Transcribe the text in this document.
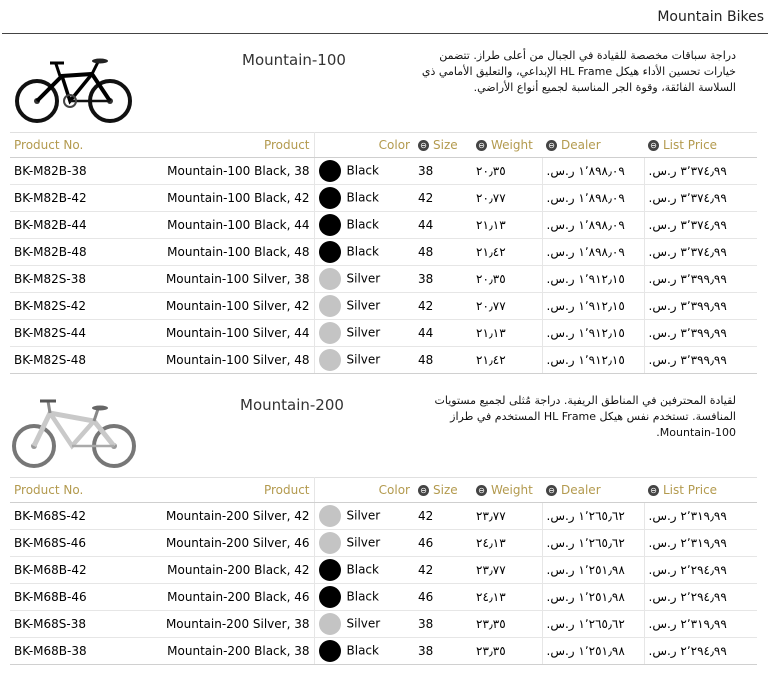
Mountain Bikes
Mountain-100	دراجة سباقات مخصصة للقيادة في الجبال من أعلى طراز. تتضمن خيارات تحسين الأداء هيكل HL Frame الإبداعي، والتعليق الأمامي ذي السلاسة الفائقة، وقوة الجر المناسبة لجميع أنواع الأراضي.
Product No.	Product	Color	⊖ Size	⊖ Weight	⊖ Dealer	⊖ List Price
BK-M82B-38	Mountain-100 Black, 38	Black	38	٢٠٫٣٥	١٬٨٩٨٫٠٩ ر.س.‏	٣٬٣٧٤٫٩٩ ر.س.‏
BK-M82B-42	Mountain-100 Black, 42	Black	42	٢٠٫٧٧	١٬٨٩٨٫٠٩ ر.س.‏	٣٬٣٧٤٫٩٩ ر.س.‏
BK-M82B-44	Mountain-100 Black, 44	Black	44	٢١٫١٣	١٬٨٩٨٫٠٩ ر.س.‏	٣٬٣٧٤٫٩٩ ر.س.‏
BK-M82B-48	Mountain-100 Black, 48	Black	48	٢١٫٤٢	١٬٨٩٨٫٠٩ ر.س.‏	٣٬٣٧٤٫٩٩ ر.س.‏
BK-M82S-38	Mountain-100 Silver, 38	Silver	38	٢٠٫٣٥	١٬٩١٢٫١٥ ر.س.‏	٣٬٣٩٩٫٩٩ ر.س.‏
BK-M82S-42	Mountain-100 Silver, 42	Silver	42	٢٠٫٧٧	١٬٩١٢٫١٥ ر.س.‏	٣٬٣٩٩٫٩٩ ر.س.‏
BK-M82S-44	Mountain-100 Silver, 44	Silver	44	٢١٫١٣	١٬٩١٢٫١٥ ر.س.‏	٣٬٣٩٩٫٩٩ ر.س.‏
BK-M82S-48	Mountain-100 Silver, 48	Silver	48	٢١٫٤٢	١٬٩١٢٫١٥ ر.س.‏	٣٬٣٩٩٫٩٩ ر.س.‏
Mountain-200	لقيادة المحترفين في المناطق الريفية. دراجة مُثلى لجميع مستويات المنافسة. تستخدم نفس هيكل HL Frame المستخدم في طراز Mountain-100.
Product No.	Product	Color	⊖ Size	⊖ Weight	⊖ Dealer	⊖ List Price
BK-M68S-42	Mountain-200 Silver, 42	Silver	42	٢٣٫٧٧	١٬٢٦٥٫٦٢ ر.س.‏	٢٬٣١٩٫٩٩ ر.س.‏
BK-M68S-46	Mountain-200 Silver, 46	Silver	46	٢٤٫١٣	١٬٢٦٥٫٦٢ ر.س.‏	٢٬٣١٩٫٩٩ ر.س.‏
BK-M68B-42	Mountain-200 Black, 42	Black	42	٢٣٫٧٧	١٬٢٥١٫٩٨ ر.س.‏	٢٬٢٩٤٫٩٩ ر.س.‏
BK-M68B-46	Mountain-200 Black, 46	Black	46	٢٤٫١٣	١٬٢٥١٫٩٨ ر.س.‏	٢٬٢٩٤٫٩٩ ر.س.‏
BK-M68S-38	Mountain-200 Silver, 38	Silver	38	٢٣٫٣٥	١٬٢٦٥٫٦٢ ر.س.‏	٢٬٣١٩٫٩٩ ر.س.‏
BK-M68B-38	Mountain-200 Black, 38	Black	38	٢٣٫٣٥	١٬٢٥١٫٩٨ ر.س.‏	٢٬٢٩٤٫٩٩ ر.س.‏
